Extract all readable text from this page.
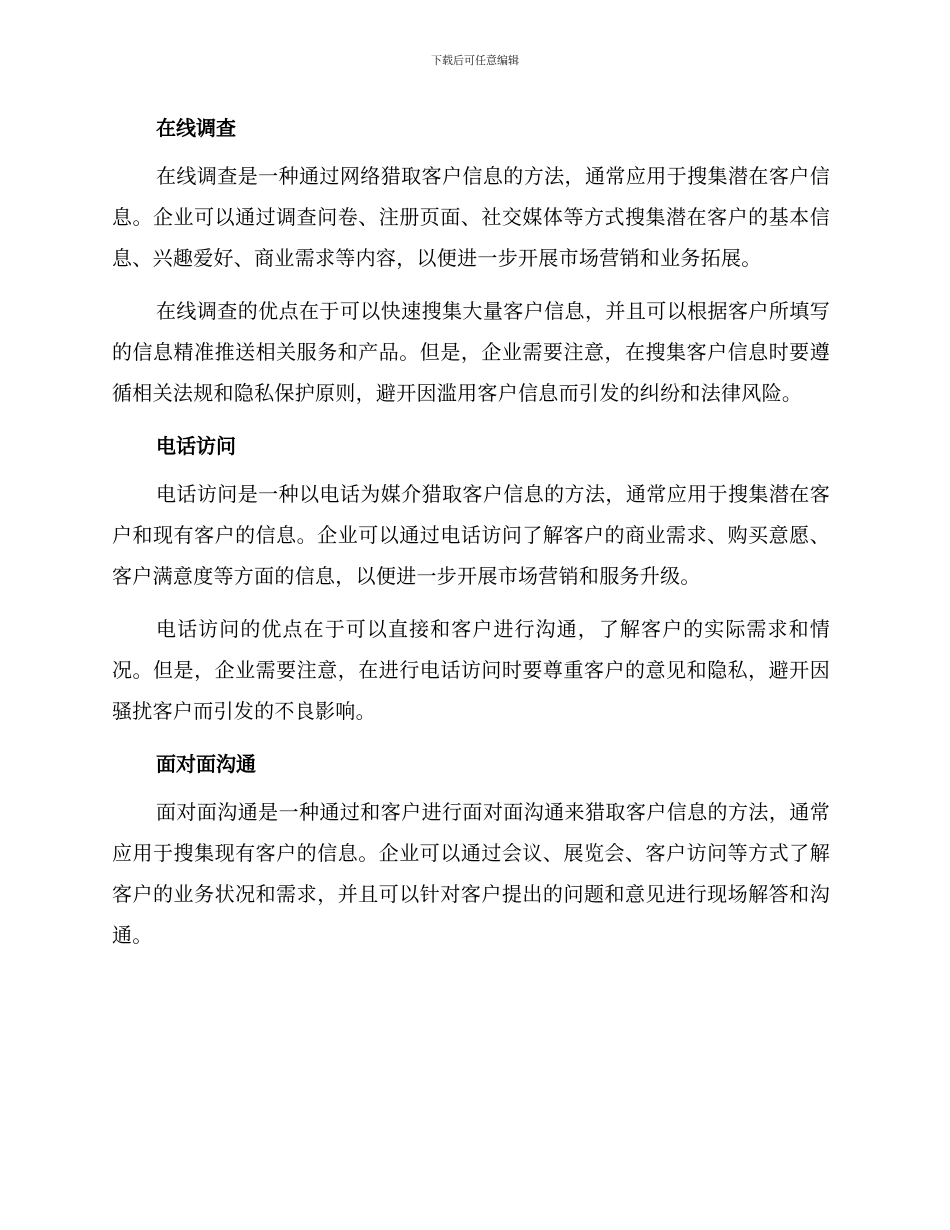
下载后可任意编辑
在线调查

在线调查是一种通过网络猎取客户信息的方法，通常应用于搜集潜在客户信息。企业可以通过调查问卷、注册页面、社交媒体等方式搜集潜在客户的基本信息、兴趣爱好、商业需求等内容，以便进一步开展市场营销和业务拓展。

在线调查的优点在于可以快速搜集大量客户信息，并且可以根据客户所填写的信息精准推送相关服务和产品。但是，企业需要注意，在搜集客户信息时要遵循相关法规和隐私保护原则，避开因滥用客户信息而引发的纠纷和法律风险。

电话访问

电话访问是一种以电话为媒介猎取客户信息的方法，通常应用于搜集潜在客户和现有客户的信息。企业可以通过电话访问了解客户的商业需求、购买意愿、客户满意度等方面的信息，以便进一步开展市场营销和服务升级。

电话访问的优点在于可以直接和客户进行沟通，了解客户的实际需求和情况。但是，企业需要注意，在进行电话访问时要尊重客户的意见和隐私，避开因骚扰客户而引发的不良影响。

面对面沟通

面对面沟通是一种通过和客户进行面对面沟通来猎取客户信息的方法，通常应用于搜集现有客户的信息。企业可以通过会议、展览会、客户访问等方式了解客户的业务状况和需求，并且可以针对客户提出的问题和意见进行现场解答和沟通。
